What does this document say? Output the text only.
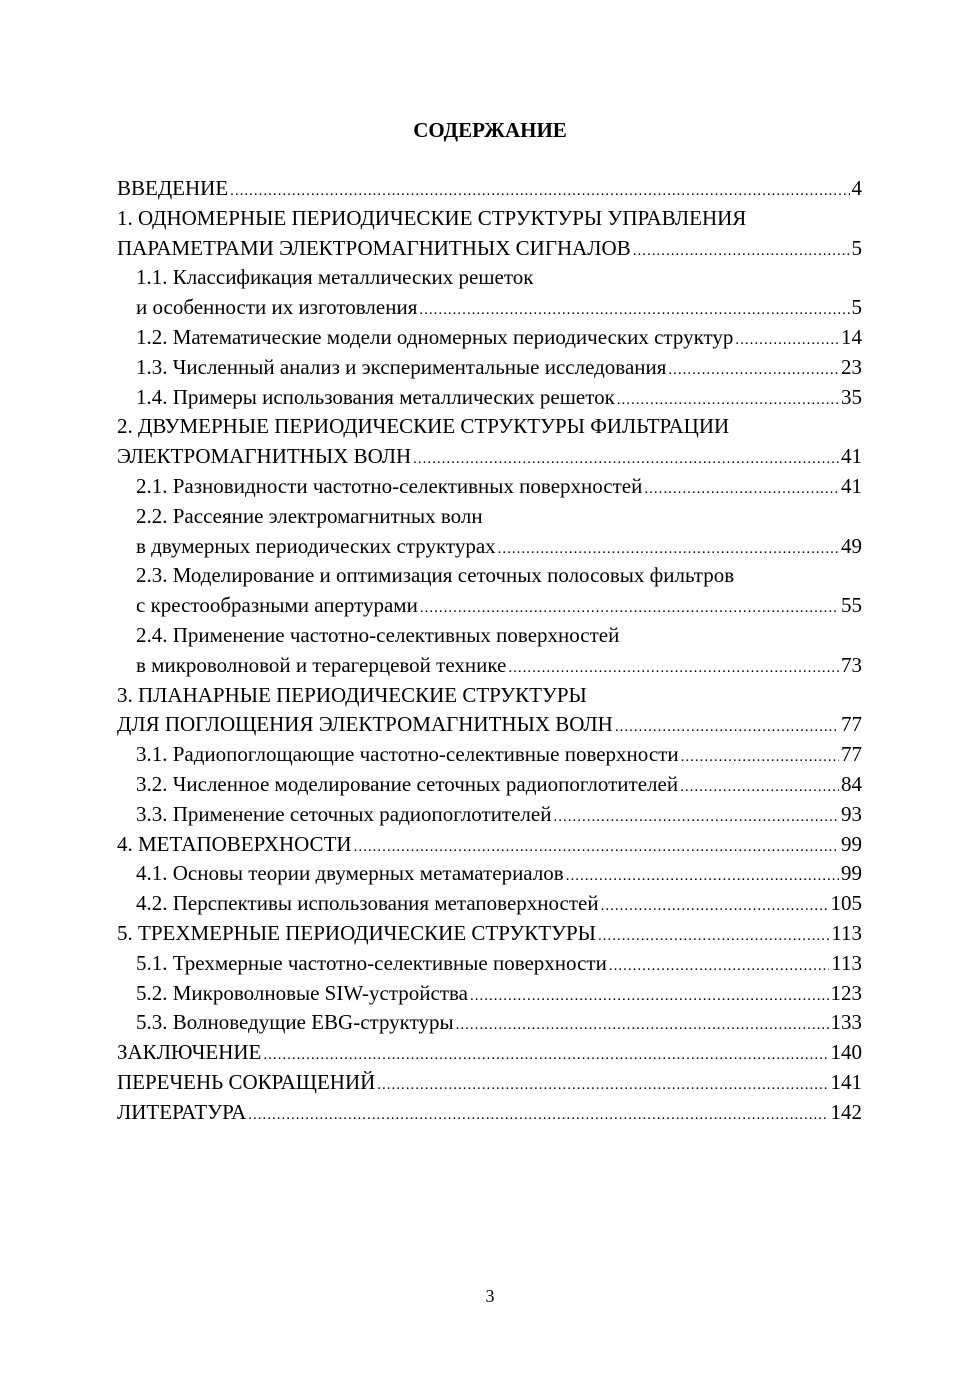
СОДЕРЖАНИЕ
ВВЕДЕНИЕ .....	4
1. ОДНОМЕРНЫЕ ПЕРИОДИЧЕСКИЕ СТРУКТУРЫ УПРАВЛЕНИЯ
ПАРАМЕТРАМИ ЭЛЕКТРОМАГНИТНЫХ СИГНАЛОВ .....	5
1.1. Классификация металлических решеток
и особенности их изготовления .....	5
1.2. Математические модели одномерных периодических структур .....	14
1.3. Численный анализ и экспериментальные исследования .....	23
1.4. Примеры использования металлических решеток .....	35
2. ДВУМЕРНЫЕ ПЕРИОДИЧЕСКИЕ СТРУКТУРЫ ФИЛЬТРАЦИИ
ЭЛЕКТРОМАГНИТНЫХ ВОЛН .....	41
2.1. Разновидности частотно-селективных поверхностей .....	41
2.2. Рассеяние электромагнитных волн
в двумерных периодических структурах .....	49
2.3. Моделирование и оптимизация сеточных полосовых фильтров
с крестообразными апертурами .....	55
2.4. Применение частотно-селективных поверхностей
в микроволновой и терагерцевой технике .....	73
3. ПЛАНАРНЫЕ ПЕРИОДИЧЕСКИЕ СТРУКТУРЫ
ДЛЯ ПОГЛОЩЕНИЯ ЭЛЕКТРОМАГНИТНЫХ ВОЛН .....	77
3.1. Радиопоглощающие частотно-селективные поверхности .....	77
3.2. Численное моделирование сеточных радиопоглотителей .....	84
3.3. Применение сеточных радиопоглотителей .....	93
4. МЕТАПОВЕРХНОСТИ .....	99
4.1. Основы теории двумерных метаматериалов .....	99
4.2. Перспективы использования метаповерхностей .....	105
5. ТРЕХМЕРНЫЕ ПЕРИОДИЧЕСКИЕ СТРУКТУРЫ .....	113
5.1. Трехмерные частотно-селективные поверхности .....	113
5.2. Микроволновые SIW-устройства .....	123
5.3. Волноведущие EBG-структуры .....	133
ЗАКЛЮЧЕНИЕ .....	140
ПЕРЕЧЕНЬ СОКРАЩЕНИЙ .....	141
ЛИТЕРАТУРА .....	142
3
